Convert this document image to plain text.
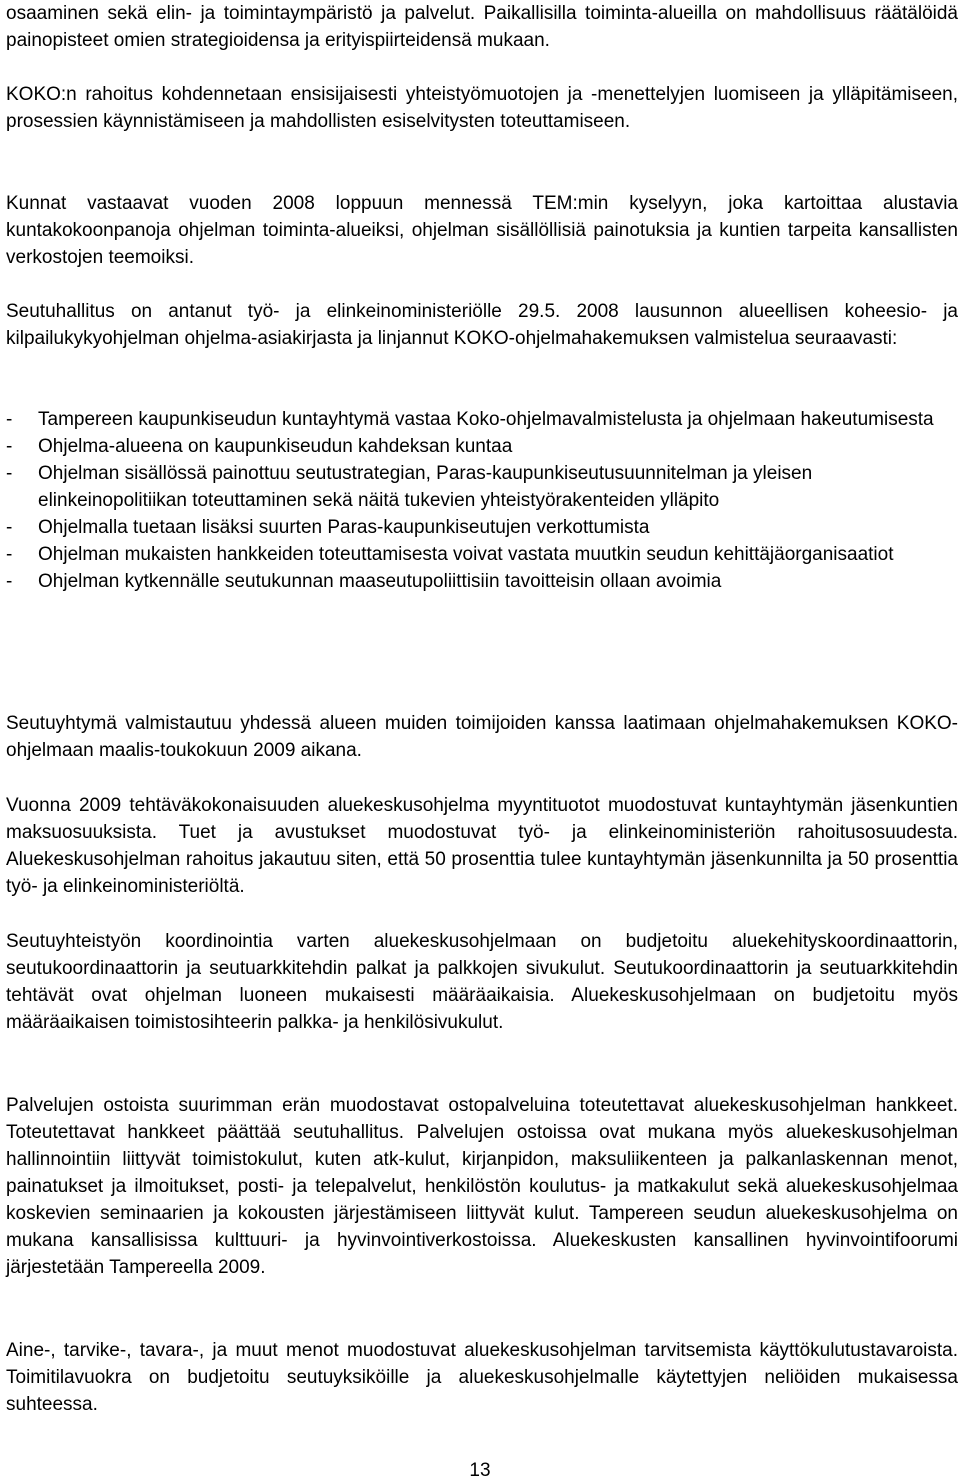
osaaminen sekä elin- ja toimintaympäristö ja palvelut. Paikallisilla toiminta-alueilla on mahdollisuus räätälöidä painopisteet omien strategioidensa ja erityispiirteidensä mukaan.

KOKO:n rahoitus kohdennetaan ensisijaisesti yhteistyömuotojen ja -menettelyjen luomiseen ja ylläpitämiseen, prosessien käynnistämiseen ja mahdollisten esiselvitysten toteuttamiseen.

Kunnat vastaavat vuoden 2008 loppuun mennessä TEM:min kyselyyn, joka kartoittaa alustavia kuntakokoonpanoja ohjelman toiminta-alueiksi, ohjelman sisällöllisiä painotuksia ja kuntien tarpeita kansallisten verkostojen teemoiksi.

Seutuhallitus on antanut työ- ja elinkeinoministeriölle 29.5. 2008 lausunnon alueellisen koheesio- ja kilpailukykyohjelman ohjelma-asiakirjasta ja linjannut KOKO-ohjelmahakemuksen valmistelua seuraavasti:

- Tampereen kaupunkiseudun kuntayhtymä vastaa Koko-ohjelmavalmistelusta ja ohjelmaan hakeutumisesta
- Ohjelma-alueena on kaupunkiseudun kahdeksan kuntaa
- Ohjelman sisällössä painottuu seutustrategian, Paras-kaupunkiseutusuunnitelman ja yleisen elinkeinopolitiikan toteuttaminen sekä näitä tukevien yhteistyörakenteiden ylläpito
- Ohjelmalla tuetaan lisäksi suurten Paras-kaupunkiseutujen verkottumista
- Ohjelman mukaisten hankkeiden toteuttamisesta voivat vastata muutkin seudun kehittäjäorganisaatiot
- Ohjelman kytkennälle seutukunnan maaseutupoliittisiin tavoitteisin ollaan avoimia

Seutuyhtymä valmistautuu yhdessä alueen muiden toimijoiden kanssa laatimaan ohjelmahakemuksen KOKO-ohjelmaan maalis-toukokuun 2009 aikana.

Vuonna 2009 tehtäväkokonaisuuden aluekeskusohjelma myyntituotot muodostuvat kuntayhtymän jäsenkuntien maksuosuuksista. Tuet ja avustukset muodostuvat työ- ja elinkeinoministeriön rahoitusosuudesta. Aluekeskusohjelman rahoitus jakautuu siten, että 50 prosenttia tulee kuntayhtymän jäsenkunnilta ja 50 prosenttia työ- ja elinkeinoministeriöltä.

Seutuyhteistyön koordinointia varten aluekeskusohjelmaan on budjetoitu aluekehityskoordinaattorin, seutukoordinaattorin ja seutuarkkitehdin palkat ja palkkojen sivukulut. Seutukoordinaattorin ja seutuarkkitehdin tehtävät ovat ohjelman luoneen mukaisesti määräaikaisia. Aluekeskusohjelmaan on budjetoitu myös määräaikaisen toimistosihteerin palkka- ja henkilösivukulut.

Palvelujen ostoista suurimman erän muodostavat ostopalveluina toteutettavat aluekeskusohjelman hankkeet. Toteutettavat hankkeet päättää seutuhallitus. Palvelujen ostoissa ovat mukana myös aluekeskusohjelman hallinnointiin liittyvät toimistokulut, kuten atk-kulut, kirjanpidon, maksuliikenteen ja palkanlaskennan menot, painatukset ja ilmoitukset, posti- ja telepalvelut, henkilöstön koulutus- ja matkakulut sekä aluekeskusohjelmaa koskevien seminaarien ja kokousten järjestämiseen liittyvät kulut. Tampereen seudun aluekeskusohjelma on mukana kansallisissa kulttuuri- ja hyvinvointiverkostoissa. Aluekeskusten kansallinen hyvinvointifoorumi järjestetään Tampereella 2009.

Aine-, tarvike-, tavara-, ja muut menot muodostuvat aluekeskusohjelman tarvitsemista käyttökulutustavaroista. Toimitilavuokra on budjetoitu seutuyksiköille ja aluekeskusohjelmalle käytettyjen neliöiden mukaisessa suhteessa.

13
